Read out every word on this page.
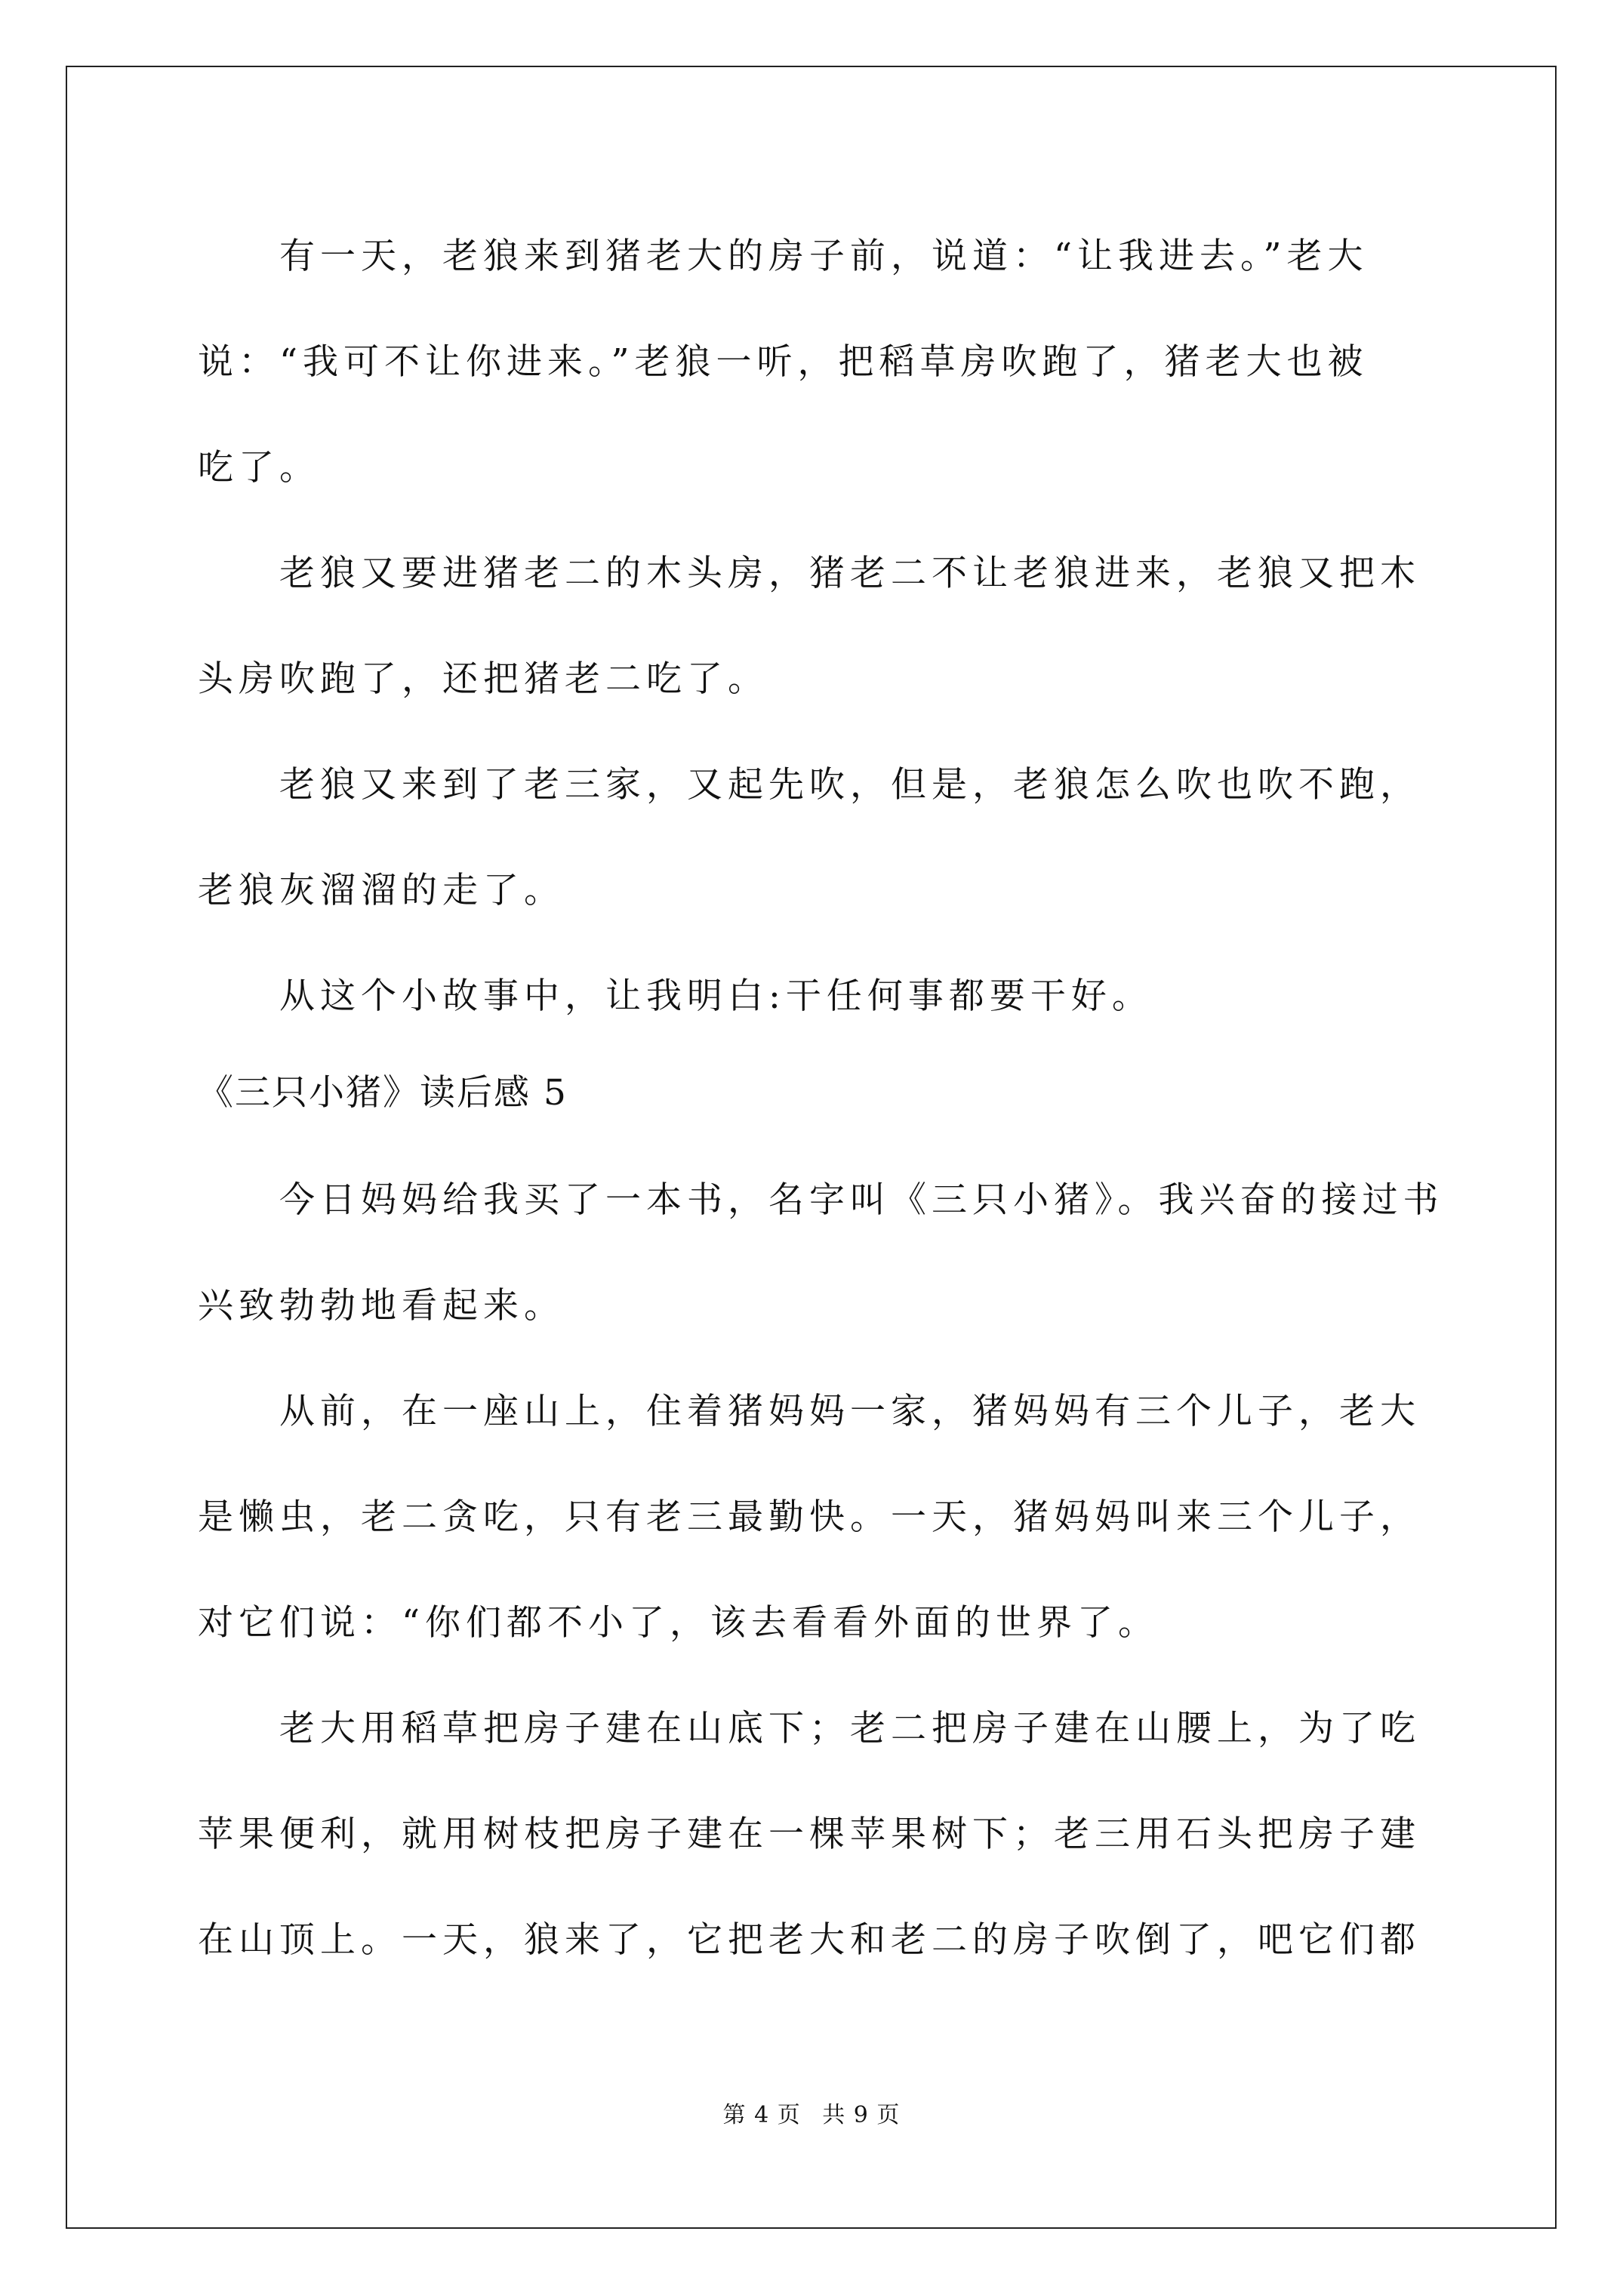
有一天，老狼来到猪老大的房子前，说道：“让我进去。”老大
说：“我可不让你进来。”老狼一听，把稻草房吹跑了，猪老大也被
吃了。
老狼又要进猪老二的木头房，猪老二不让老狼进来，老狼又把木
头房吹跑了，还把猪老二吃了。
老狼又来到了老三家，又起先吹，但是，老狼怎么吹也吹不跑，
老狼灰溜溜的走了。
从这个小故事中，让我明白:干任何事都要干好。
《三只小猪》读后感 5
今日妈妈给我买了一本书，名字叫《三只小猪》。我兴奋的接过书
兴致勃勃地看起来。
从前，在一座山上，住着猪妈妈一家，猪妈妈有三个儿子，老大
是懒虫，老二贪吃，只有老三最勤快。一天，猪妈妈叫来三个儿子，
对它们说：“你们都不小了，该去看看外面的世界了。
老大用稻草把房子建在山底下；老二把房子建在山腰上，为了吃
苹果便利，就用树枝把房子建在一棵苹果树下；老三用石头把房子建
在山顶上。一天，狼来了，它把老大和老二的房子吹倒了，吧它们都
第 4 页 共 9 页
